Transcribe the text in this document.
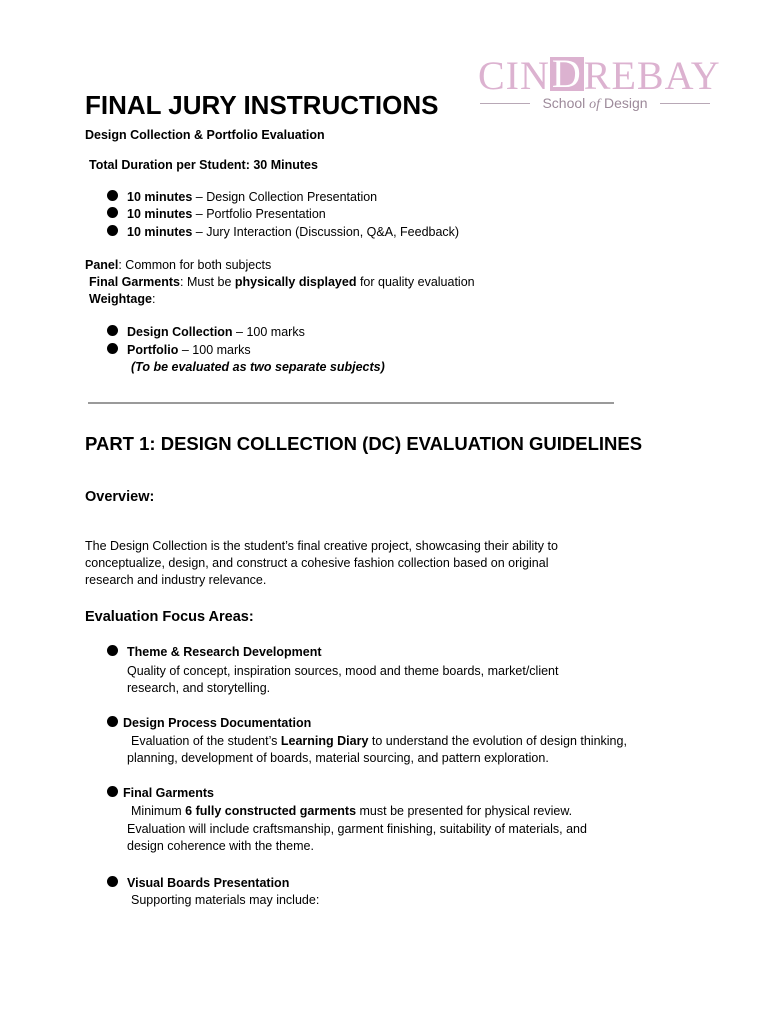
CINDREBAY
School of Design
FINAL JURY INSTRUCTIONS
Design Collection & Portfolio Evaluation
Total Duration per Student: 30 Minutes
10 minutes – Design Collection Presentation
10 minutes – Portfolio Presentation
10 minutes – Jury Interaction (Discussion, Q&A, Feedback)
Panel: Common for both subjects
Final Garments: Must be physically displayed for quality evaluation
Weightage:
Design Collection – 100 marks
Portfolio – 100 marks
(To be evaluated as two separate subjects)
PART 1: DESIGN COLLECTION (DC) EVALUATION GUIDELINES
Overview:
The Design Collection is the student’s final creative project, showcasing their ability to conceptualize, design, and construct a cohesive fashion collection based on original research and industry relevance.
Evaluation Focus Areas:
Theme & Research Development
Quality of concept, inspiration sources, mood and theme boards, market/client research, and storytelling.
Design Process Documentation
Evaluation of the student’s Learning Diary to understand the evolution of design thinking, planning, development of boards, material sourcing, and pattern exploration.
Final Garments
Minimum 6 fully constructed garments must be presented for physical review.
Evaluation will include craftsmanship, garment finishing, suitability of materials, and design coherence with the theme.
Visual Boards Presentation
Supporting materials may include:
